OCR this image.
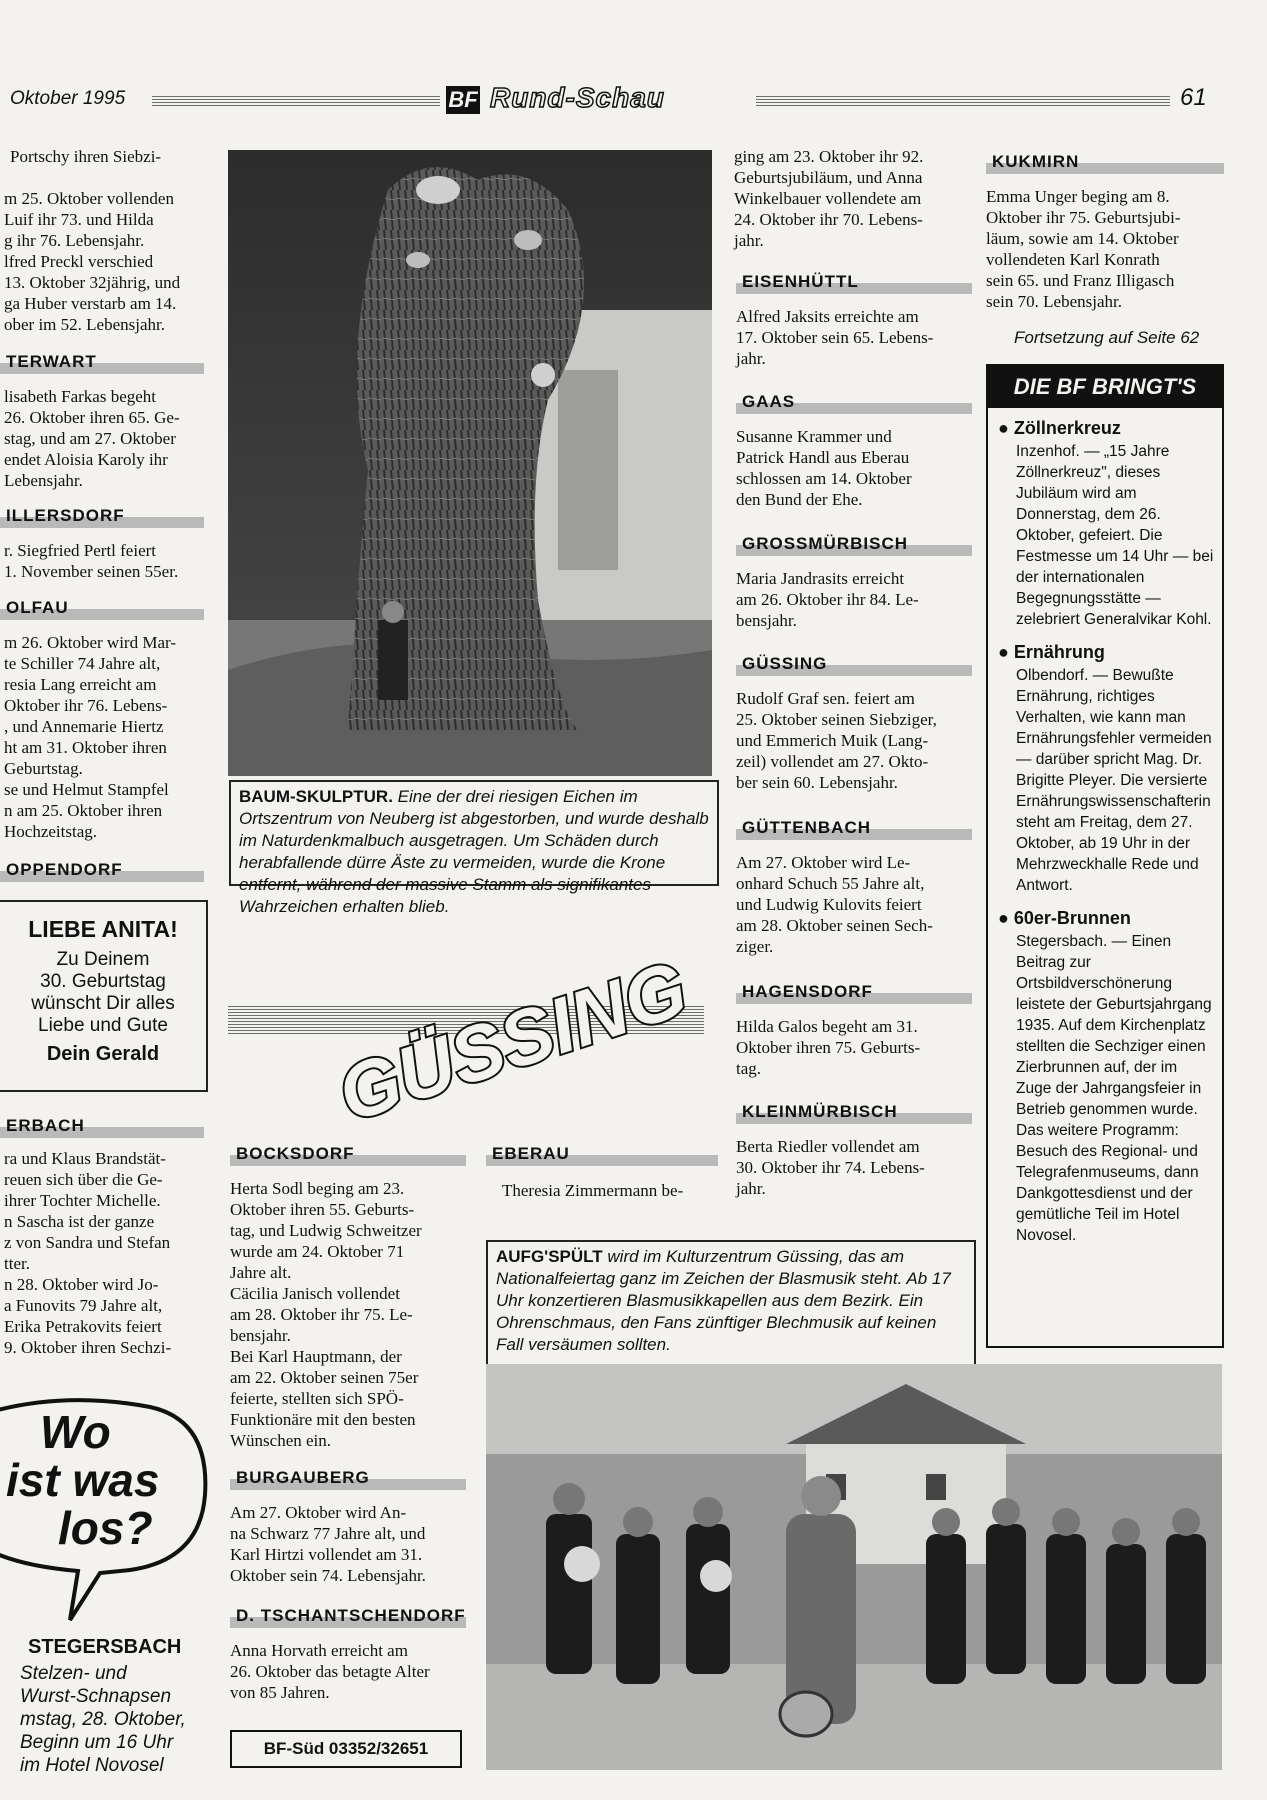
Oktober 1995	BF Rund-Schau	61
Portschy ihren Siebzi-
m 25. Oktober vollenden
Luif ihr 73. und Hilda
g ihr 76. Lebensjahr.
lfred Preckl verschied
13. Oktober 32jährig, und
ga Huber verstarb am 14.
ober im 52. Lebensjahr.
TERWART
lisabeth Farkas begeht
26. Oktober ihren 65. Ge-
stag, und am 27. Oktober
endet Aloisia Karoly ihr
Lebensjahr.
ILLERSDORF
r. Siegfried Pertl feiert
1. November seinen 55er.
OLFAU
m 26. Oktober wird Mar-
te Schiller 74 Jahre alt,
resia Lang erreicht am
Oktober ihr 76. Lebens-
, und Annemarie Hiertz
ht am 31. Oktober ihren
Geburtstag.
se und Helmut Stampfel
n am 25. Oktober ihren
Hochzeitstag.
OPPENDORF
LIEBE ANITA!
Zu Deinem
30. Geburtstag
wünscht Dir alles
Liebe und Gute
Dein Gerald
ERBACH
ra und Klaus Brandstät-
reuen sich über die Ge-
ihrer Tochter Michelle.
n Sascha ist der ganze
z von Sandra und Stefan
tter.
n 28. Oktober wird Jo-
a Funovits 79 Jahre alt,
Erika Petrakovits feiert
9. Oktober ihren Sechzi-
Wo
ist was
los?
STEGERSBACH
Stelzen- und
Wurst-Schnapsen
mstag, 28. Oktober,
Beginn um 16 Uhr
im Hotel Novosel
BAUM-SKULPTUR. Eine der drei riesigen Eichen im Ortszentrum von Neuberg ist abgestorben, und wurde deshalb im Naturdenkmalbuch ausgetragen. Um Schäden durch herabfallende dürre Äste zu vermeiden, wurde die Krone entfernt, während der massive Stamm als signifikantes Wahrzeichen erhalten blieb.
GÜSSING
BOCKSDORF
Herta Sodl beging am 23.
Oktober ihren 55. Geburts-
tag, und Ludwig Schweitzer
wurde am 24. Oktober 71
Jahre alt.
Cäcilia Janisch vollendet
am 28. Oktober ihr 75. Le-
bensjahr.
Bei Karl Hauptmann, der
am 22. Oktober seinen 75er
feierte, stellten sich SPÖ-
Funktionäre mit den besten
Wünschen ein.
BURGAUBERG
Am 27. Oktober wird An-
na Schwarz 77 Jahre alt, und
Karl Hirtzi vollendet am 31.
Oktober sein 74. Lebensjahr.
D. TSCHANTSCHENDORF
Anna Horvath erreicht am
26. Oktober das betagte Alter
von 85 Jahren.
BF-Süd 03352/32651
EBERAU
Theresia Zimmermann be-
ging am 23. Oktober ihr 92.
Geburtsjubiläum, und Anna
Winkelbauer vollendete am
24. Oktober ihr 70. Lebens-
jahr.
EISENHÜTTL
Alfred Jaksits erreichte am
17. Oktober sein 65. Lebens-
jahr.
GAAS
Susanne Krammer und
Patrick Handl aus Eberau
schlossen am 14. Oktober
den Bund der Ehe.
GROSSMÜRBISCH
Maria Jandrasits erreicht
am 26. Oktober ihr 84. Le-
bensjahr.
GÜSSING
Rudolf Graf sen. feiert am
25. Oktober seinen Siebziger,
und Emmerich Muik (Lang-
zeil) vollendet am 27. Okto-
ber sein 60. Lebensjahr.
GÜTTENBACH
Am 27. Oktober wird Le-
onhard Schuch 55 Jahre alt,
und Ludwig Kulovits feiert
am 28. Oktober seinen Sech-
ziger.
HAGENSDORF
Hilda Galos begeht am 31.
Oktober ihren 75. Geburts-
tag.
KLEINMÜRBISCH
Berta Riedler vollendet am
30. Oktober ihr 74. Lebens-
jahr.
KUKMIRN
Emma Unger beging am 8.
Oktober ihr 75. Geburtsjubi-
läum, sowie am 14. Oktober
vollendeten Karl Konrath
sein 65. und Franz Illigasch
sein 70. Lebensjahr.
Fortsetzung auf Seite 62
DIE BF BRINGT'S

● Zöllnerkreuz

Inzenhof. — „15 Jahre Zöllnerkreuz", dieses Jubiläum wird am Donnerstag, dem 26. Oktober, gefeiert. Die Festmesse um 14 Uhr — bei der internationalen Begegnungsstätte — zelebriert Generalvikar Kohl.

● Ernährung

Olbendorf. — Bewußte Ernährung, richtiges Verhalten, wie kann man Ernährungsfehler vermeiden — darüber spricht Mag. Dr. Brigitte Pleyer. Die versierte Ernährungswissenschafterin steht am Freitag, dem 27. Oktober, ab 19 Uhr in der Mehrzweckhalle Rede und Antwort.

● 60er-Brunnen

Stegersbach. — Einen Beitrag zur Ortsbildverschönerung leistete der Geburtsjahrgang 1935. Auf dem Kirchenplatz stellten die Sechziger einen Zierbrunnen auf, der im Zuge der Jahrgangsfeier in Betrieb genommen wurde. Das weitere Programm: Besuch des Regional- und Telegrafenmuseums, dann Dankgottesdienst und der gemütliche Teil im Hotel Novosel.

AUFG'SPÜLT wird im Kulturzentrum Güssing, das am Nationalfeiertag ganz im Zeichen der Blasmusik steht. Ab 17 Uhr konzertieren Blasmusikkapellen aus dem Bezirk. Ein Ohrenschmaus, den Fans zünftiger Blechmusik auf keinen Fall versäumen sollten.
